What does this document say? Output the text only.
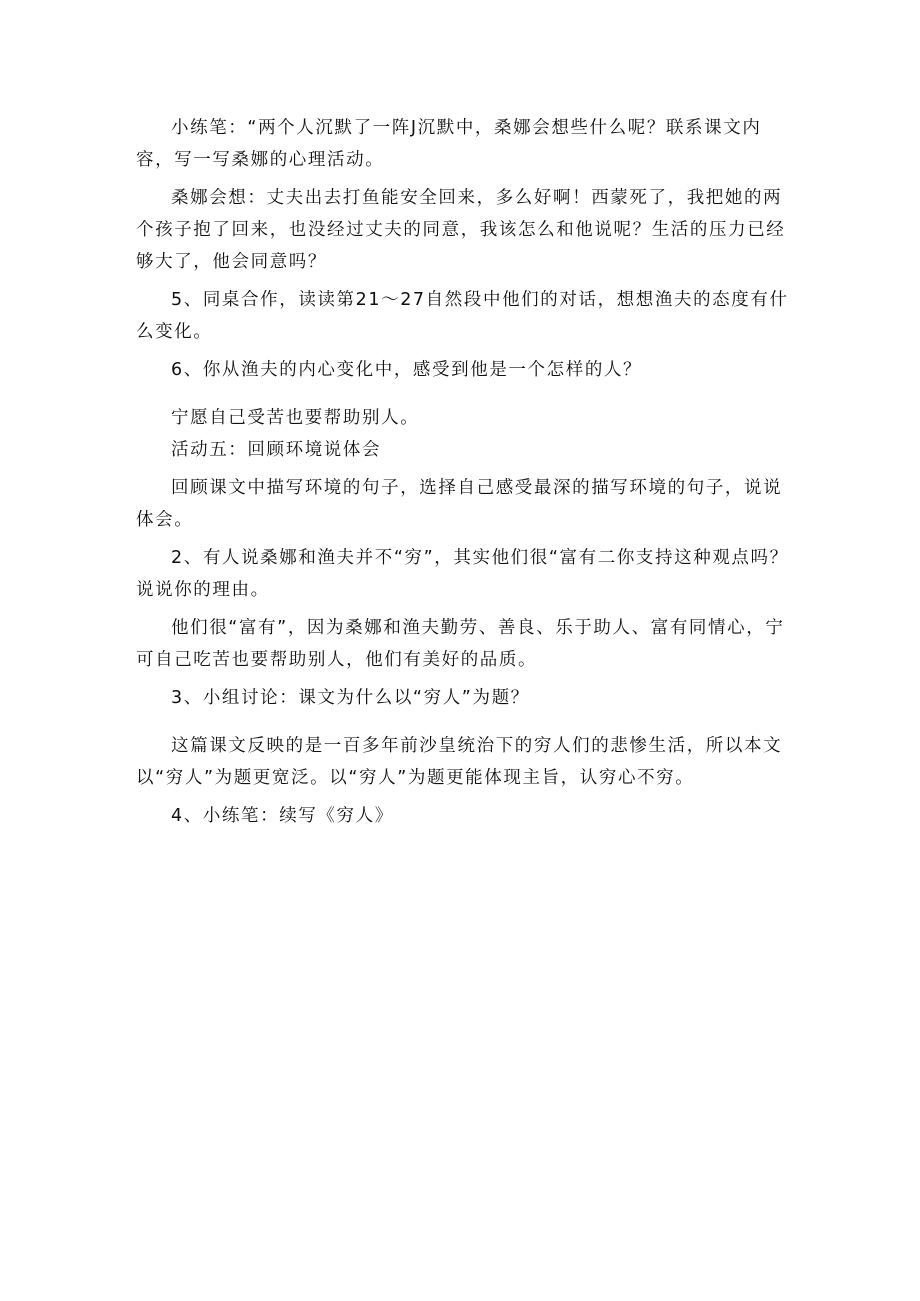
小练笔：“两个人沉默了一阵J沉默中，桑娜会想些什么呢？联系课文内容，写一写桑娜的心理活动。

桑娜会想：丈夫出去打鱼能安全回来，多么好啊！西蒙死了，我把她的两个孩子抱了回来，也没经过丈夫的同意，我该怎么和他说呢？生活的压力已经够大了，他会同意吗？

5、同桌合作，读读第21～27自然段中他们的对话，想想渔夫的态度有什么变化。

6、你从渔夫的内心变化中，感受到他是一个怎样的人？

宁愿自己受苦也要帮助别人。

活动五：回顾环境说体会

回顾课文中描写环境的句子，选择自己感受最深的描写环境的句子，说说体会。

2、有人说桑娜和渔夫并不“穷”，其实他们很“富有二你支持这种观点吗？说说你的理由。

他们很“富有”，因为桑娜和渔夫勤劳、善良、乐于助人、富有同情心，宁可自己吃苦也要帮助别人，他们有美好的品质。

3、小组讨论：课文为什么以“穷人”为题？

这篇课文反映的是一百多年前沙皇统治下的穷人们的悲惨生活，所以本文以“穷人”为题更宽泛。以“穷人”为题更能体现主旨，认穷心不穷。

4、小练笔：续写《穷人》
